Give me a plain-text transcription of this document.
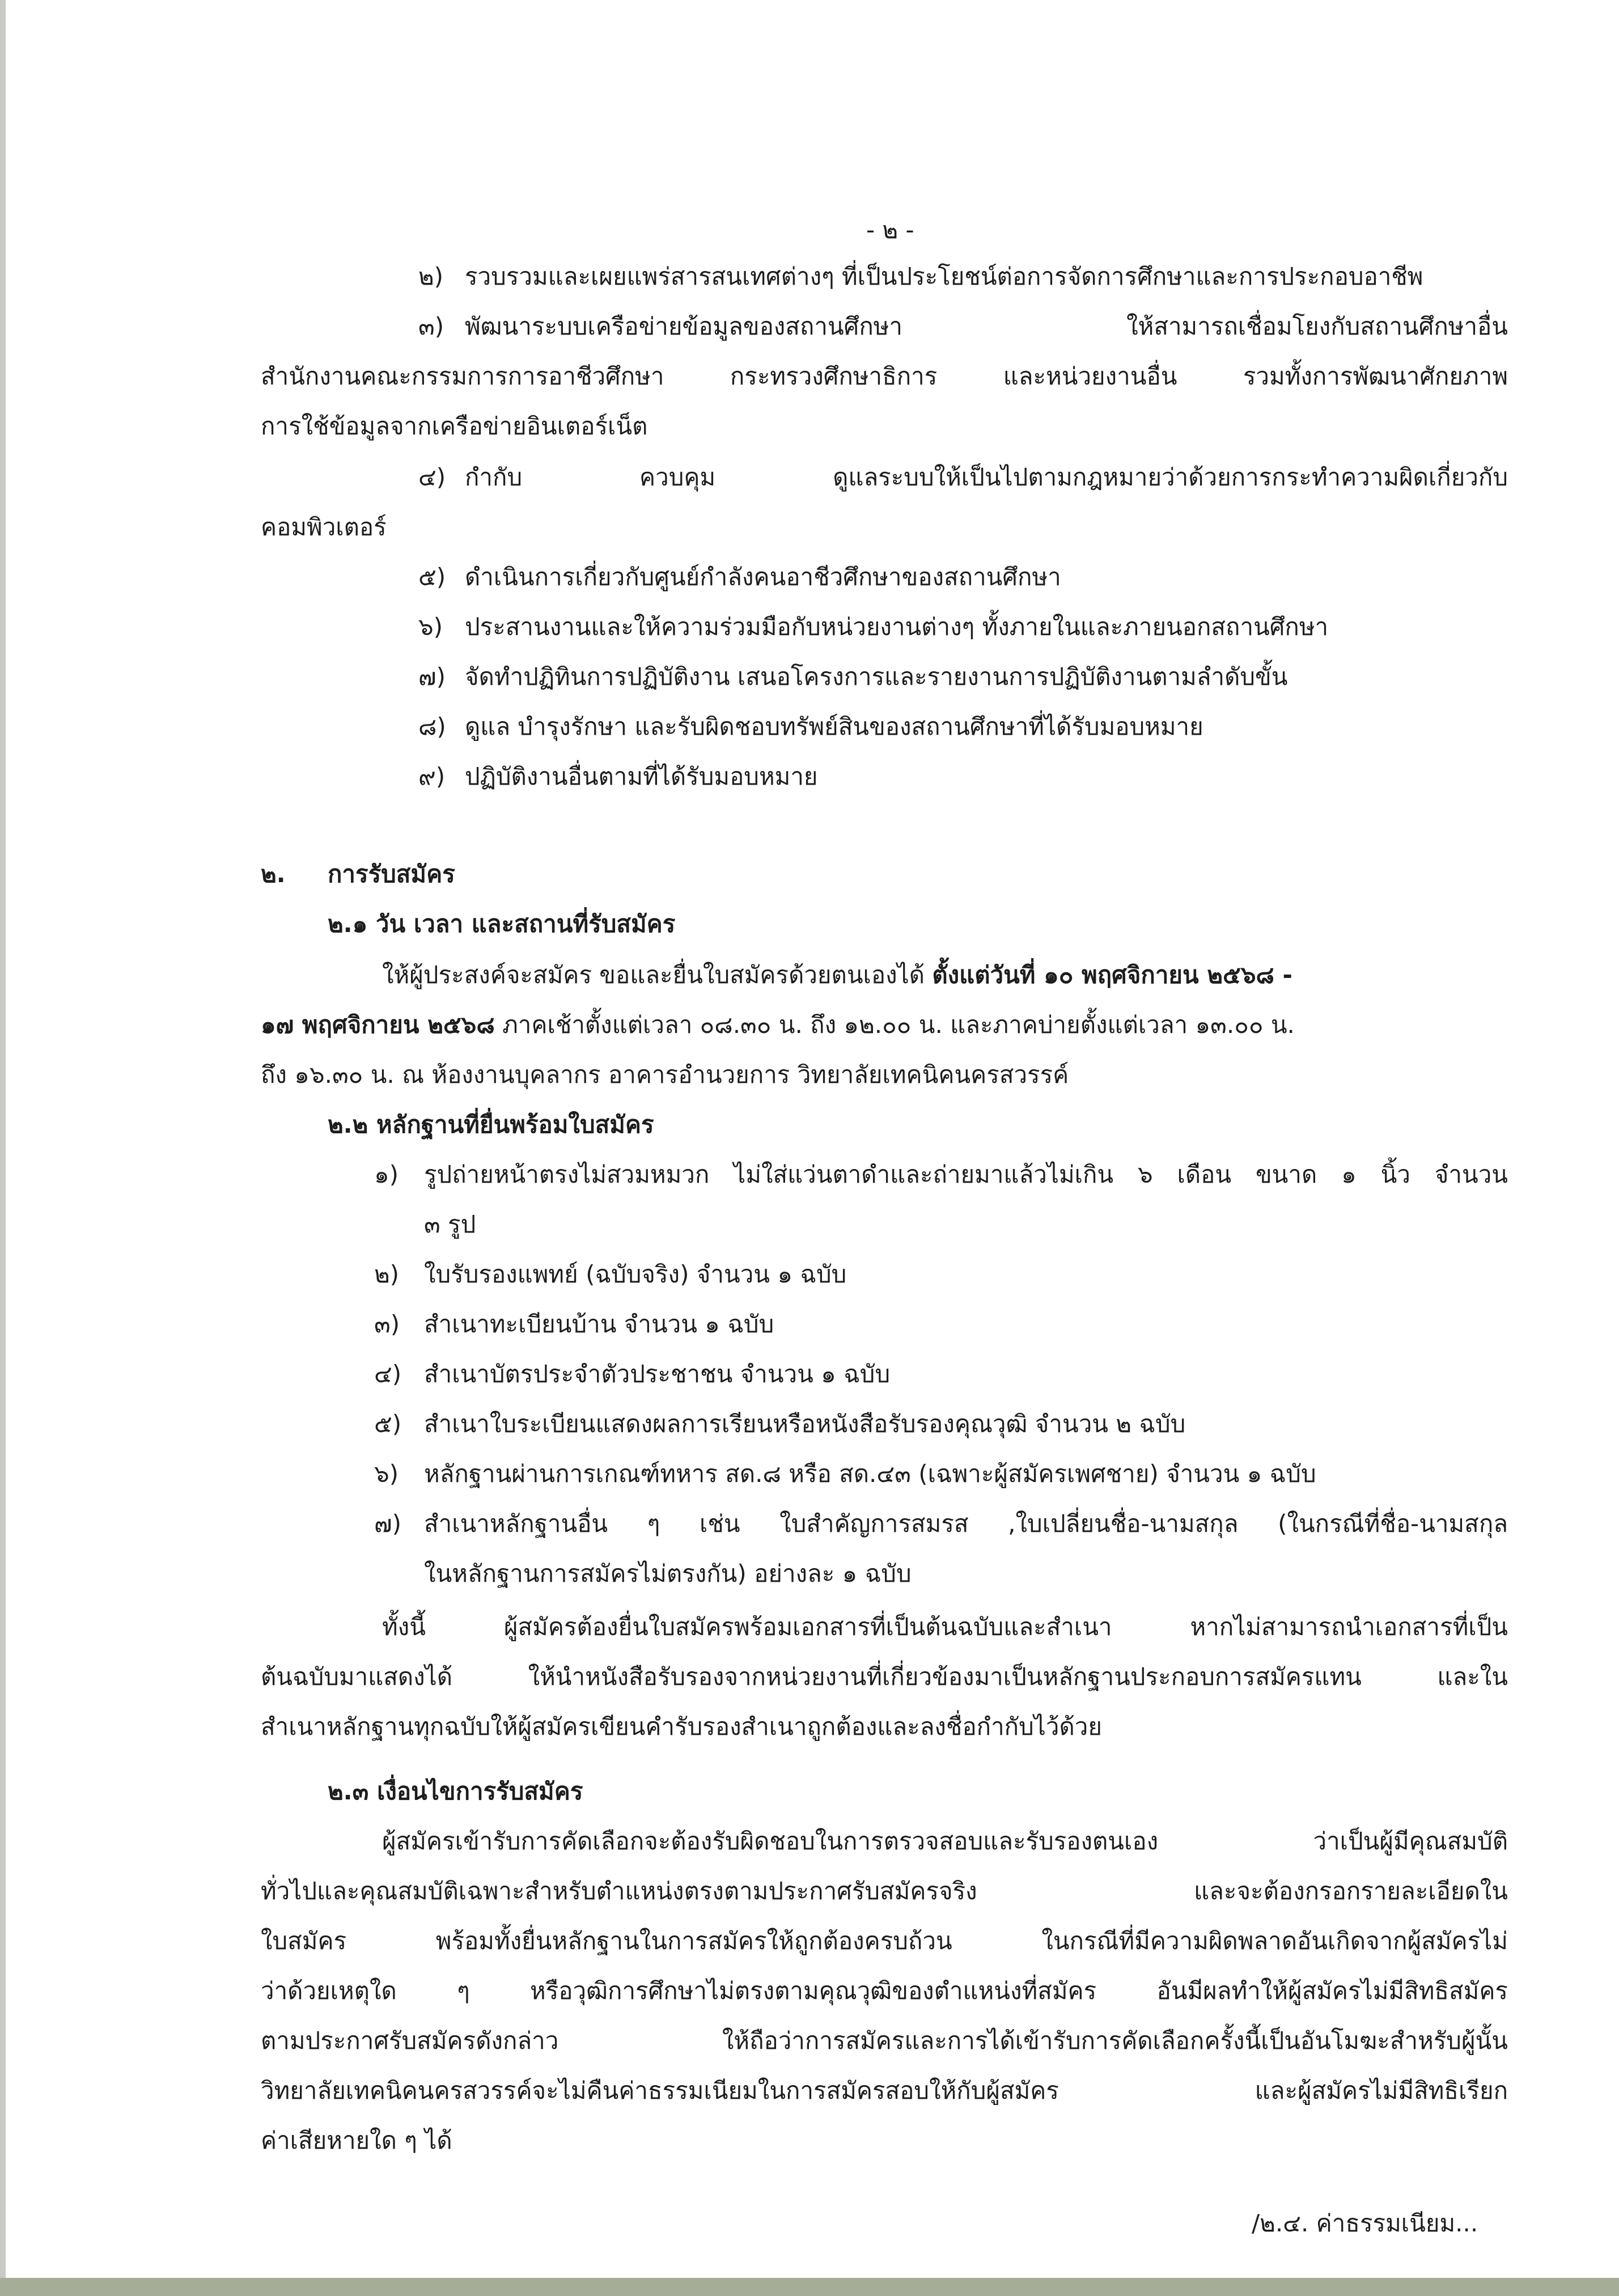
- ๒ -
๒) รวบรวมและเผยแพร่สารสนเทศต่างๆ ที่เป็นประโยชน์ต่อการจัดการศึกษาและการประกอบอาชีพ
๓) พัฒนาระบบเครือข่ายข้อมูลของสถานศึกษา ให้สามารถเชื่อมโยงกับสถานศึกษาอื่น
สำนักงานคณะกรรมการการอาชีวศึกษา กระทรวงศึกษาธิการ และหน่วยงานอื่น รวมทั้งการพัฒนาศักยภาพ
การใช้ข้อมูลจากเครือข่ายอินเตอร์เน็ต
๔) กำกับ ควบคุม ดูแลระบบให้เป็นไปตามกฎหมายว่าด้วยการกระทำความผิดเกี่ยวกับ
คอมพิวเตอร์
๕) ดำเนินการเกี่ยวกับศูนย์กำลังคนอาชีวศึกษาของสถานศึกษา
๖) ประสานงานและให้ความร่วมมือกับหน่วยงานต่างๆ ทั้งภายในและภายนอกสถานศึกษา
๗) จัดทำปฏิทินการปฏิบัติงาน เสนอโครงการและรายงานการปฏิบัติงานตามลำดับขั้น
๘) ดูแล บำรุงรักษา และรับผิดชอบทรัพย์สินของสถานศึกษาที่ได้รับมอบหมาย
๙) ปฏิบัติงานอื่นตามที่ได้รับมอบหมาย
๒. การรับสมัคร
๒.๑ วัน เวลา และสถานที่รับสมัคร
ให้ผู้ประสงค์จะสมัคร ขอและยื่นใบสมัครด้วยตนเองได้ ตั้งแต่วันที่ ๑๐ พฤศจิกายน ๒๕๖๘ -
๑๗ พฤศจิกายน ๒๕๖๘ ภาคเช้าตั้งแต่เวลา ๐๘.๓๐ น. ถึง ๑๒.๐๐ น. และภาคบ่ายตั้งแต่เวลา ๑๓.๐๐ น.
ถึง ๑๖.๓๐ น. ณ ห้องงานบุคลากร อาคารอำนวยการ วิทยาลัยเทคนิคนครสวรรค์
๒.๒ หลักฐานที่ยื่นพร้อมใบสมัคร
๑) รูปถ่ายหน้าตรงไม่สวมหมวก ไม่ใส่แว่นตาดำและถ่ายมาแล้วไม่เกิน ๖ เดือน ขนาด ๑ นิ้ว จำนวน
๓ รูป
๒) ใบรับรองแพทย์ (ฉบับจริง) จำนวน ๑ ฉบับ
๓) สำเนาทะเบียนบ้าน จำนวน ๑ ฉบับ
๔) สำเนาบัตรประจำตัวประชาชน จำนวน ๑ ฉบับ
๕) สำเนาใบระเบียนแสดงผลการเรียนหรือหนังสือรับรองคุณวุฒิ จำนวน ๒ ฉบับ
๖) หลักฐานผ่านการเกณฑ์ทหาร สด.๘ หรือ สด.๔๓ (เฉพาะผู้สมัครเพศชาย) จำนวน ๑ ฉบับ
๗) สำเนาหลักฐานอื่น ๆ เช่น ใบสำคัญการสมรส ,ใบเปลี่ยนชื่อ-นามสกุล (ในกรณีที่ชื่อ-นามสกุล
ในหลักฐานการสมัครไม่ตรงกัน) อย่างละ ๑ ฉบับ
ทั้งนี้ ผู้สมัครต้องยื่นใบสมัครพร้อมเอกสารที่เป็นต้นฉบับและสำเนา หากไม่สามารถนำเอกสารที่เป็น
ต้นฉบับมาแสดงได้ ให้นำหนังสือรับรองจากหน่วยงานที่เกี่ยวข้องมาเป็นหลักฐานประกอบการสมัครแทน และใน
สำเนาหลักฐานทุกฉบับให้ผู้สมัครเขียนคำรับรองสำเนาถูกต้องและลงชื่อกำกับไว้ด้วย
๒.๓ เงื่อนไขการรับสมัคร
ผู้สมัครเข้ารับการคัดเลือกจะต้องรับผิดชอบในการตรวจสอบและรับรองตนเอง ว่าเป็นผู้มีคุณสมบัติ
ทั่วไปและคุณสมบัติเฉพาะสำหรับตำแหน่งตรงตามประกาศรับสมัครจริง และจะต้องกรอกรายละเอียดใน
ใบสมัคร พร้อมทั้งยื่นหลักฐานในการสมัครให้ถูกต้องครบถ้วน ในกรณีที่มีความผิดพลาดอันเกิดจากผู้สมัครไม่
ว่าด้วยเหตุใด ๆ หรือวุฒิการศึกษาไม่ตรงตามคุณวุฒิของตำแหน่งที่สมัคร อันมีผลทำให้ผู้สมัครไม่มีสิทธิสมัคร
ตามประกาศรับสมัครดังกล่าว ให้ถือว่าการสมัครและการได้เข้ารับการคัดเลือกครั้งนี้เป็นอันโมฆะสำหรับผู้นั้น
วิทยาลัยเทคนิคนครสวรรค์จะไม่คืนค่าธรรมเนียมในการสมัครสอบให้กับผู้สมัคร และผู้สมัครไม่มีสิทธิเรียก
ค่าเสียหายใด ๆ ได้
/๒.๔. ค่าธรรมเนียม...
